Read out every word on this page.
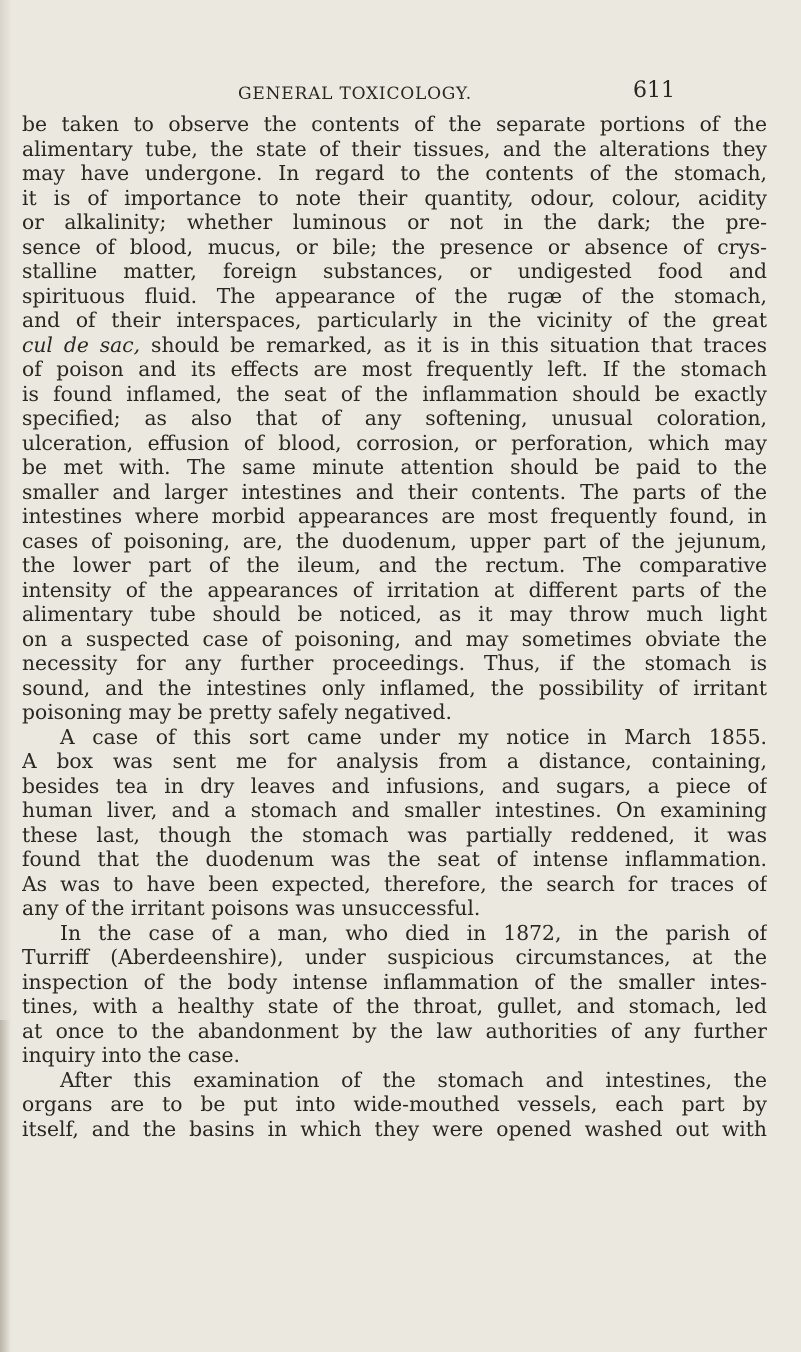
GENERAL TOXICOLOGY.	611
be taken to observe the contents of the separate portions of the
alimentary tube, the state of their tissues, and the alterations they
may have undergone. In regard to the contents of the stomach,
it is of importance to note their quantity, odour, colour, acidity
or alkalinity; whether luminous or not in the dark; the pre-
sence of blood, mucus, or bile; the presence or absence of crys-
stalline matter, foreign substances, or undigested food and
spirituous fluid. The appearance of the rugæ of the stomach,
and of their interspaces, particularly in the vicinity of the great
cul de sac, should be remarked, as it is in this situation that traces
of poison and its effects are most frequently left. If the stomach
is found inflamed, the seat of the inflammation should be exactly
specified; as also that of any softening, unusual coloration,
ulceration, effusion of blood, corrosion, or perforation, which may
be met with. The same minute attention should be paid to the
smaller and larger intestines and their contents. The parts of the
intestines where morbid appearances are most frequently found, in
cases of poisoning, are, the duodenum, upper part of the jejunum,
the lower part of the ileum, and the rectum. The comparative
intensity of the appearances of irritation at different parts of the
alimentary tube should be noticed, as it may throw much light
on a suspected case of poisoning, and may sometimes obviate the
necessity for any further proceedings. Thus, if the stomach is
sound, and the intestines only inflamed, the possibility of irritant
poisoning may be pretty safely negatived.
A case of this sort came under my notice in March 1855.
A box was sent me for analysis from a distance, containing,
besides tea in dry leaves and infusions, and sugars, a piece of
human liver, and a stomach and smaller intestines. On examining
these last, though the stomach was partially reddened, it was
found that the duodenum was the seat of intense inflammation.
As was to have been expected, therefore, the search for traces of
any of the irritant poisons was unsuccessful.
In the case of a man, who died in 1872, in the parish of
Turriff (Aberdeenshire), under suspicious circumstances, at the
inspection of the body intense inflammation of the smaller intes-
tines, with a healthy state of the throat, gullet, and stomach, led
at once to the abandonment by the law authorities of any further
inquiry into the case.
After this examination of the stomach and intestines, the
organs are to be put into wide-mouthed vessels, each part by
itself, and the basins in which they were opened washed out with
